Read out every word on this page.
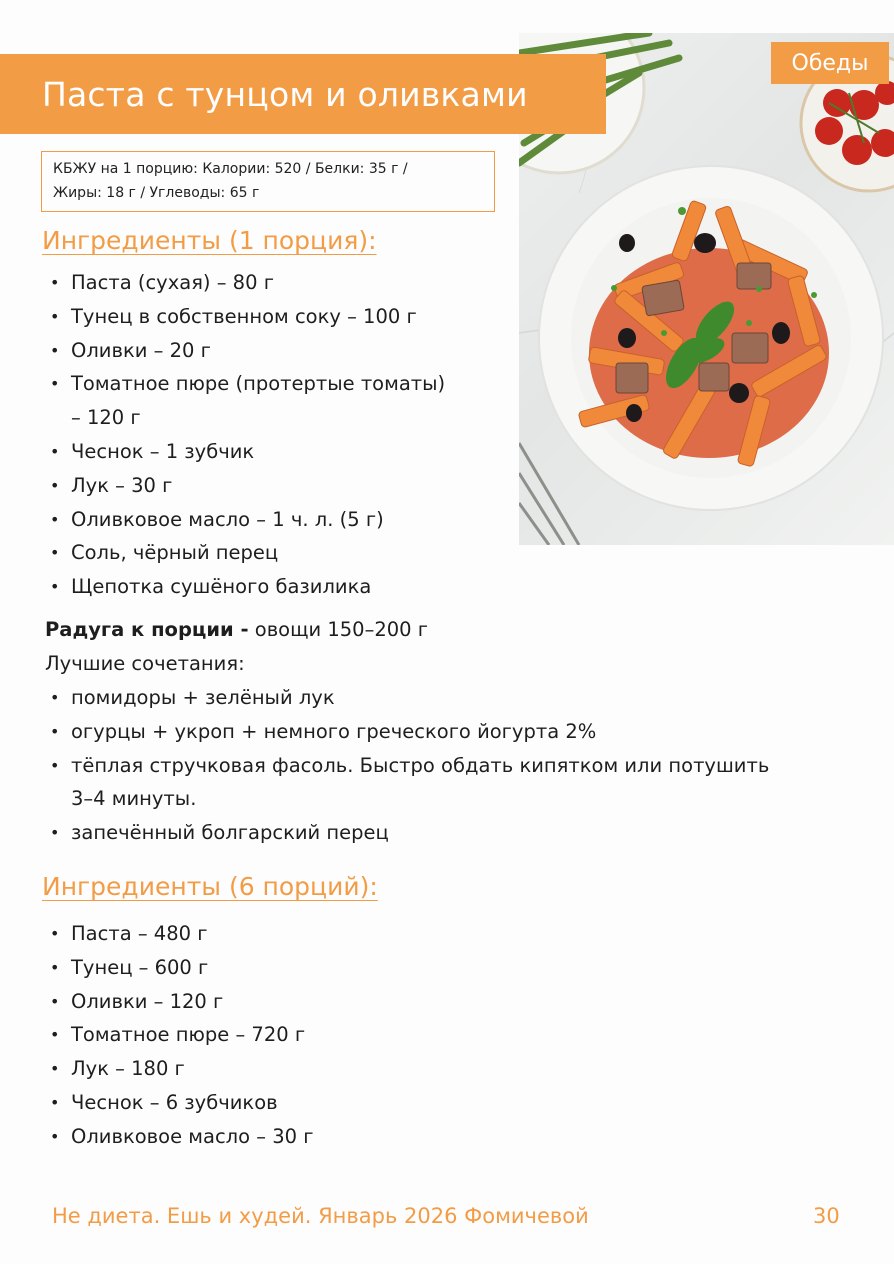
Обеды
Паста с тунцом и оливками
КБЖУ на 1 порцию: Калории: 520 / Белки: 35 г /
Жиры: 18 г / Углеводы: 65 г
Ингредиенты (1 порция):
• Паста (сухая) – 80 г
• Тунец в собственном соку – 100 г
• Оливки – 20 г
• Томатное пюре (протертые томаты)
– 120 г
• Чеснок – 1 зубчик
• Лук – 30 г
• Оливковое масло – 1 ч. л. (5 г)
• Соль, чёрный перец
• Щепотка сушёного базилика
Радуга к порции - овощи 150–200 г
Лучшие сочетания:
• помидоры + зелёный лук
• огурцы + укроп + немного греческого йогурта 2%
• тёплая стручковая фасоль. Быстро обдать кипятком или потушить
3–4 минуты.
• запечённый болгарский перец
Ингредиенты (6 порций):
• Паста – 480 г
• Тунец – 600 г
• Оливки – 120 г
• Томатное пюре – 720 г
• Лук – 180 г
• Чеснок – 6 зубчиков
• Оливковое масло – 30 г
Не диета. Ешь и худей. Январь 2026 Фомичевой	30
